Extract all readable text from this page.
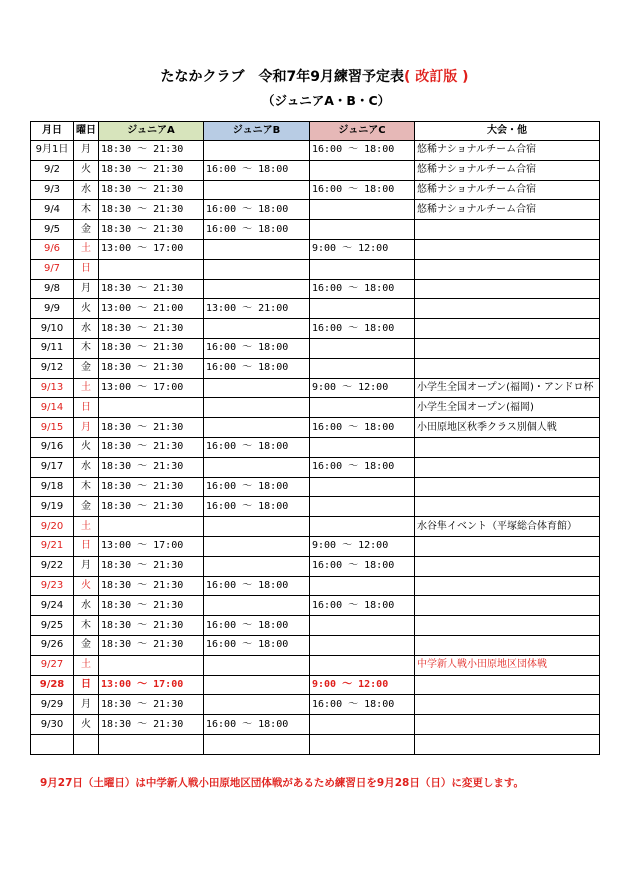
たなかクラブ　令和7年9月練習予定表( 改訂版 )
（ジュニアA・B・C）
月日	曜日	ジュニアA	ジュニアB	ジュニアC	大会・他
9月1日	月	18:30 ～ 21:30		16:00 ～ 18:00	悠稀ナショナルチーム合宿
9/2	火	18:30 ～ 21:30	16:00 ～ 18:00		悠稀ナショナルチーム合宿
9/3	水	18:30 ～ 21:30		16:00 ～ 18:00	悠稀ナショナルチーム合宿
9/4	木	18:30 ～ 21:30	16:00 ～ 18:00		悠稀ナショナルチーム合宿
9/5	金	18:30 ～ 21:30	16:00 ～ 18:00		
9/6	土	13:00 ～ 17:00		9:00 ～ 12:00	
9/7	日				
9/8	月	18:30 ～ 21:30		16:00 ～ 18:00	
9/9	火	13:00 ～ 21:00	13:00 ～ 21:00		
9/10	水	18:30 ～ 21:30		16:00 ～ 18:00	
9/11	木	18:30 ～ 21:30	16:00 ～ 18:00		
9/12	金	18:30 ～ 21:30	16:00 ～ 18:00		
9/13	土	13:00 ～ 17:00		9:00 ～ 12:00	小学生全国オープン(福岡)・アンドロ杯
9/14	日				小学生全国オープン(福岡)
9/15	月	18:30 ～ 21:30		16:00 ～ 18:00	小田原地区秋季クラス別個人戦
9/16	火	18:30 ～ 21:30	16:00 ～ 18:00		
9/17	水	18:30 ～ 21:30		16:00 ～ 18:00	
9/18	木	18:30 ～ 21:30	16:00 ～ 18:00		
9/19	金	18:30 ～ 21:30	16:00 ～ 18:00		
9/20	土				水谷隼イベント（平塚総合体育館）
9/21	日	13:00 ～ 17:00		9:00 ～ 12:00	
9/22	月	18:30 ～ 21:30		16:00 ～ 18:00	
9/23	火	18:30 ～ 21:30	16:00 ～ 18:00		
9/24	水	18:30 ～ 21:30		16:00 ～ 18:00	
9/25	木	18:30 ～ 21:30	16:00 ～ 18:00		
9/26	金	18:30 ～ 21:30	16:00 ～ 18:00		
9/27	土				中学新人戦小田原地区団体戦
9/28	日	13:00 ～ 17:00		9:00 ～ 12:00	
9/29	月	18:30 ～ 21:30		16:00 ～ 18:00	
9/30	火	18:30 ～ 21:30	16:00 ～ 18:00		

9月27日（土曜日）は中学新人戦小田原地区団体戦があるため練習日を9月28日（日）に変更します。
